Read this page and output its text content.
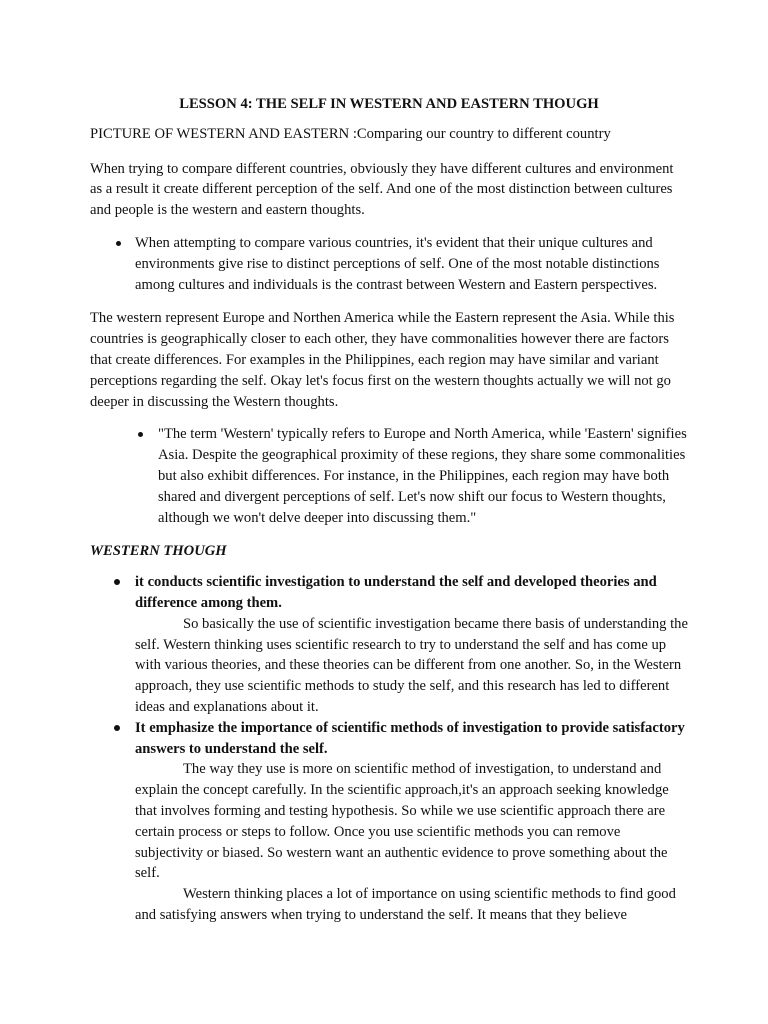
LESSON 4: THE SELF IN WESTERN AND EASTERN THOUGH

PICTURE OF WESTERN AND EASTERN :Comparing our country to different country

When trying to compare different countries, obviously they have different cultures and environment as a result it create different perception of the self. And one of the most distinction between cultures and people is the western and eastern thoughts.

When attempting to compare various countries, it's evident that their unique cultures and environments give rise to distinct perceptions of self. One of the most notable distinctions among cultures and individuals is the contrast between Western and Eastern perspectives.

The western represent Europe and Northen America while the Eastern represent the Asia. While this countries is geographically closer to each other, they have commonalities however there are factors that create differences. For examples in the Philippines, each region may have similar and variant perceptions regarding the self. Okay let's focus first on the western thoughts actually we will not go deeper in discussing the Western thoughts.

"The term 'Western' typically refers to Europe and North America, while 'Eastern' signifies Asia. Despite the geographical proximity of these regions, they share some commonalities but also exhibit differences. For instance, in the Philippines, each region may have both shared and divergent perceptions of self. Let's now shift our focus to Western thoughts, although we won't delve deeper into discussing them."

WESTERN THOUGH

it conducts scientific investigation to understand the self and developed theories and difference among them.

So basically the use of scientific investigation became there basis of understanding the self. Western thinking uses scientific research to try to understand the self and has come up with various theories, and these theories can be different from one another. So, in the Western approach, they use scientific methods to study the self, and this research has led to different ideas and explanations about it.

It emphasize the importance of scientific methods of investigation to provide satisfactory answers to understand the self.

The way they use is more on scientific method of investigation, to understand and explain the concept carefully. In the scientific approach,it's an approach seeking knowledge that involves forming and testing hypothesis. So while we use scientific approach there are certain process or steps to follow. Once you use scientific methods you can remove subjectivity or biased. So western want an authentic evidence to prove something about the self.

Western thinking places a lot of importance on using scientific methods to find good and satisfying answers when trying to understand the self. It means that they believe
